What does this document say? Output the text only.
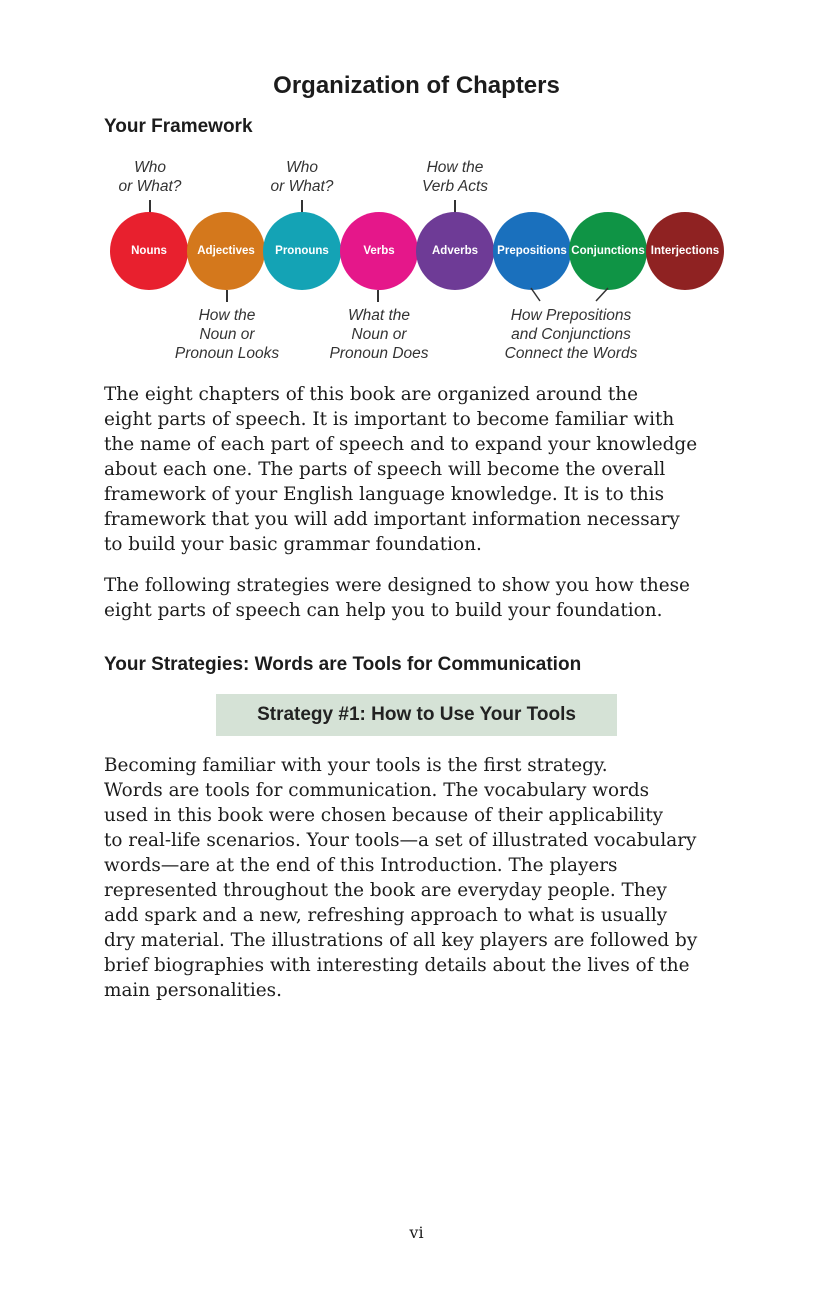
Organization of Chapters
Your Framework
Who
or What?
Who
or What?
How the
Verb Acts
Nouns	Adjectives	Pronouns	Verbs	Adverbs	Prepositions Conjunctions Interjections
How the
Noun or
Pronoun Looks
What the
Noun or
Pronoun Does
How Prepositions
and Conjunctions
Connect the Words

The eight chapters of this book are organized around the
eight parts of speech. It is important to become familiar with
the name of each part of speech and to expand your knowledge
about each one. The parts of speech will become the overall
framework of your English language knowledge. It is to this
framework that you will add important information necessary
to build your basic grammar foundation.

The following strategies were designed to show you how these
eight parts of speech can help you to build your foundation.

Your Strategies: Words are Tools for Communication
Strategy #1: How to Use Your Tools

Becoming familiar with your tools is the first strategy.
Words are tools for communication. The vocabulary words
used in this book were chosen because of their applicability
to real-life scenarios. Your tools—a set of illustrated vocabulary
words—are at the end of this Introduction. The players
represented throughout the book are everyday people. They
add spark and a new, refreshing approach to what is usually
dry material. The illustrations of all key players are followed by
brief biographies with interesting details about the lives of the
main personalities.

vi
